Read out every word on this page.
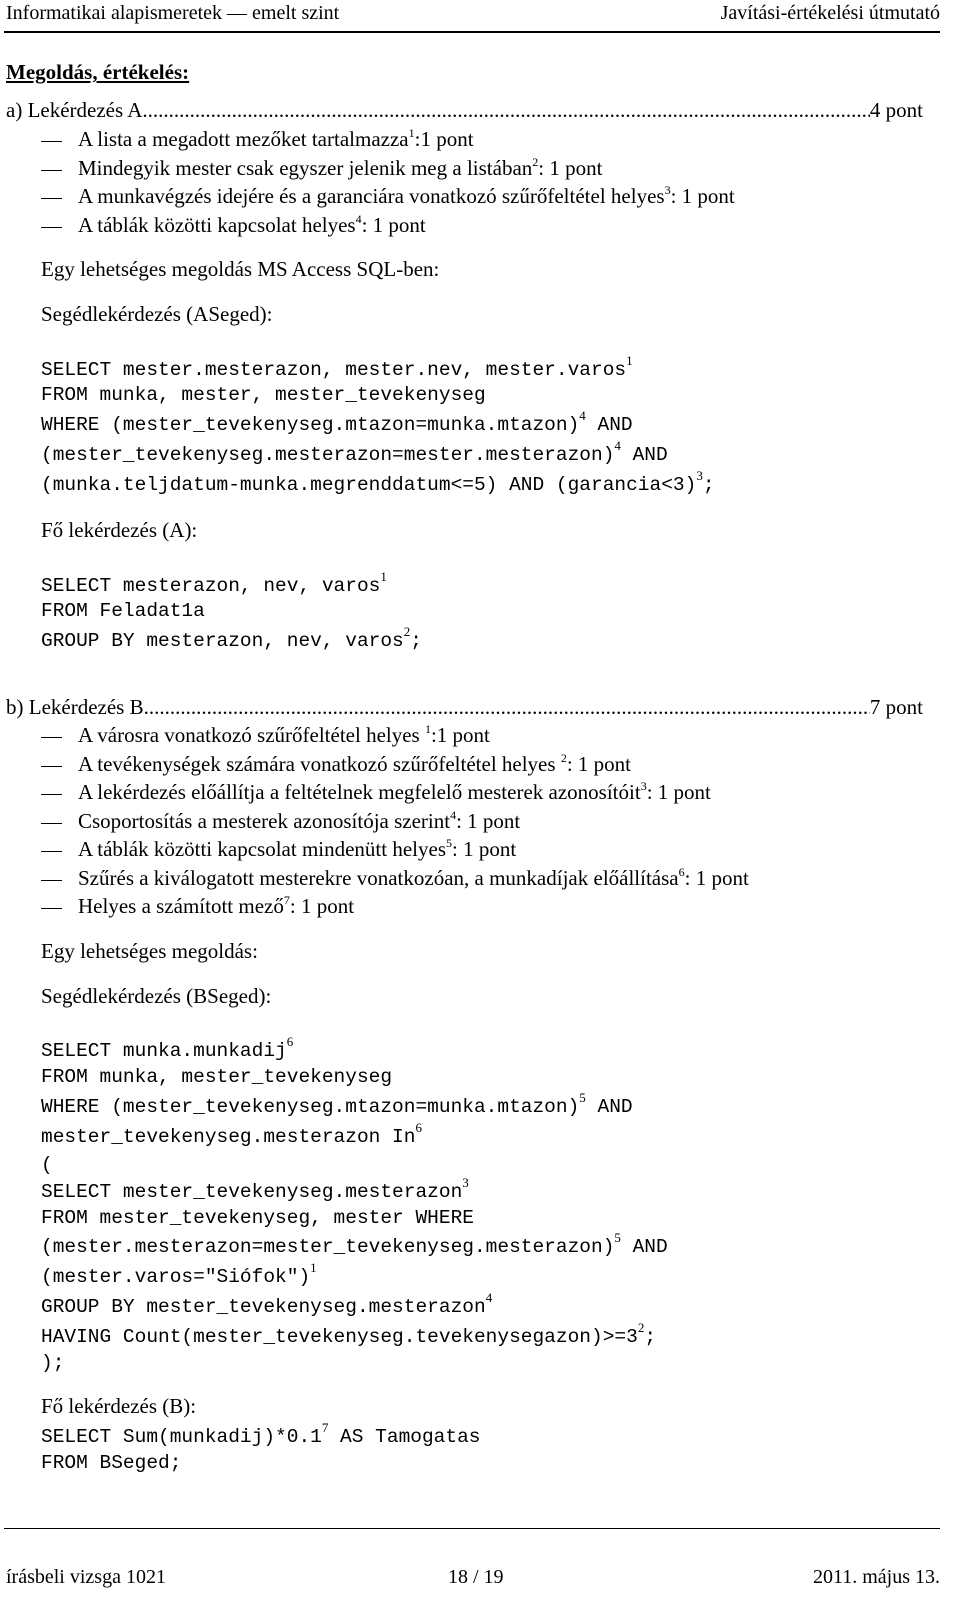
Informatikai alapismeretek — emelt szint	Javítási-értékelési útmutató
Megoldás, értékelés:
a) Lekérdezés A .....	4 pont
A lista a megadott mezőket tartalmazza$^1$:1 pont
Mindegyik mester csak egyszer jelenik meg a listában$^2$: 1 pont
A munkavégzés idejére és a garanciára vonatkozó szűrőfeltétel helyes$^3$: 1 pont
A táblák közötti kapcsolat helyes$^4$: 1 pont
Egy lehetséges megoldás MS Access SQL-ben:
Segédlekérdezés (ASeged):
SELECT mester.mesterazon, mester.nev, mester.varos$^1$
FROM munka, mester, mester_tevekenyseg
WHERE (mester_tevekenyseg.mtazon=munka.mtazon)$^4$ AND
(mester_tevekenyseg.mesterazon=mester.mesterazon)$^4$ AND
(munka.teljdatum-munka.megrenddatum<=5) AND (garancia<3)$^3$;
Fő lekérdezés (A):
SELECT mesterazon, nev, varos$^1$
FROM Feladat1a
GROUP BY mesterazon, nev, varos$^2$;
b) Lekérdezés B .....	7 pont
A városra vonatkozó szűrőfeltétel helyes $^1$:1 pont
A tevékenységek számára vonatkozó szűrőfeltétel helyes $^2$: 1 pont
A lekérdezés előállítja a feltételnek megfelelő mesterek azonosítóit$^3$: 1 pont
Csoportosítás a mesterek azonosítója szerint$^4$: 1 pont
A táblák közötti kapcsolat mindenütt helyes$^5$: 1 pont
Szűrés a kiválogatott mesterekre vonatkozóan, a munkadíjak előállítása$^6$: 1 pont
Helyes a számított mező$^7$: 1 pont
Egy lehetséges megoldás:
Segédlekérdezés (BSeged):
SELECT munka.munkadij$^6$
FROM munka, mester_tevekenyseg
WHERE (mester_tevekenyseg.mtazon=munka.mtazon)$^5$ AND
mester_tevekenyseg.mesterazon In$^6$
(
SELECT mester_tevekenyseg.mesterazon$^3$
FROM mester_tevekenyseg, mester WHERE
(mester.mesterazon=mester_tevekenyseg.mesterazon)$^5$ AND
(mester.varos="Siófok")$^1$
GROUP BY mester_tevekenyseg.mesterazon$^4$
HAVING $Count(mester\_tevekenyseg.tevekenysegazon)>=3^2$;
);
Fő lekérdezés (B):
SELECT $Sum(munkadij)*0.1^7$ AS Tamogatas
FROM BSeged;
írásbeli vizsga 1021	18 / 19	2011. május 13.
